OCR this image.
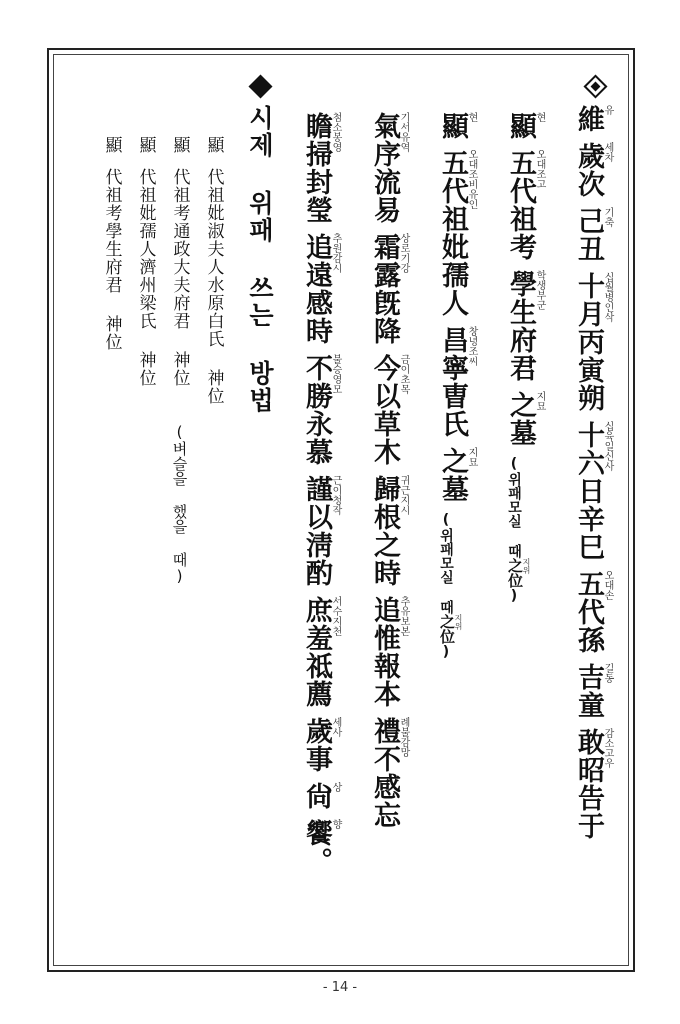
維
유
歲次
세차
己丑
기축
十月丙寅朔
십월병인삭
十六日辛巳
십육일신사
五代孫
오대손
吉童
길동
敢昭告于
감소고우
顯
현
五代祖考
오대조고
學生府君
학생부군
之墓
지묘
(
위패모실 때
之位
지위
)
顯
현
五代祖妣孺人
오대조비유인
昌寧曺氏
창녕조씨
之墓
지묘
(
위패모실 때
之位
지위
)
氣序流易
기서유역
霜露旣降
상로기강
今以草木
금이초목
歸根之時
귀근지시
追惟報本
추유보본
禮不感忘
례불감망
瞻掃封瑩
첨소봉영
追遠感時
추원감시
不勝永慕
불승영모
謹以淸酌
근이청작
庶羞祗薦
서수지천
歲事
세사
尙
상
饗。
향
시제 위패 쓰는 방법
顯
代祖妣淑夫人水原白氏 神位
顯
代祖考通政大夫府君 神位
(벼슬을 했을 때)
顯
代祖妣孺人濟州梁氏 神位
顯
代祖考學生府君 神位
- 14 -
